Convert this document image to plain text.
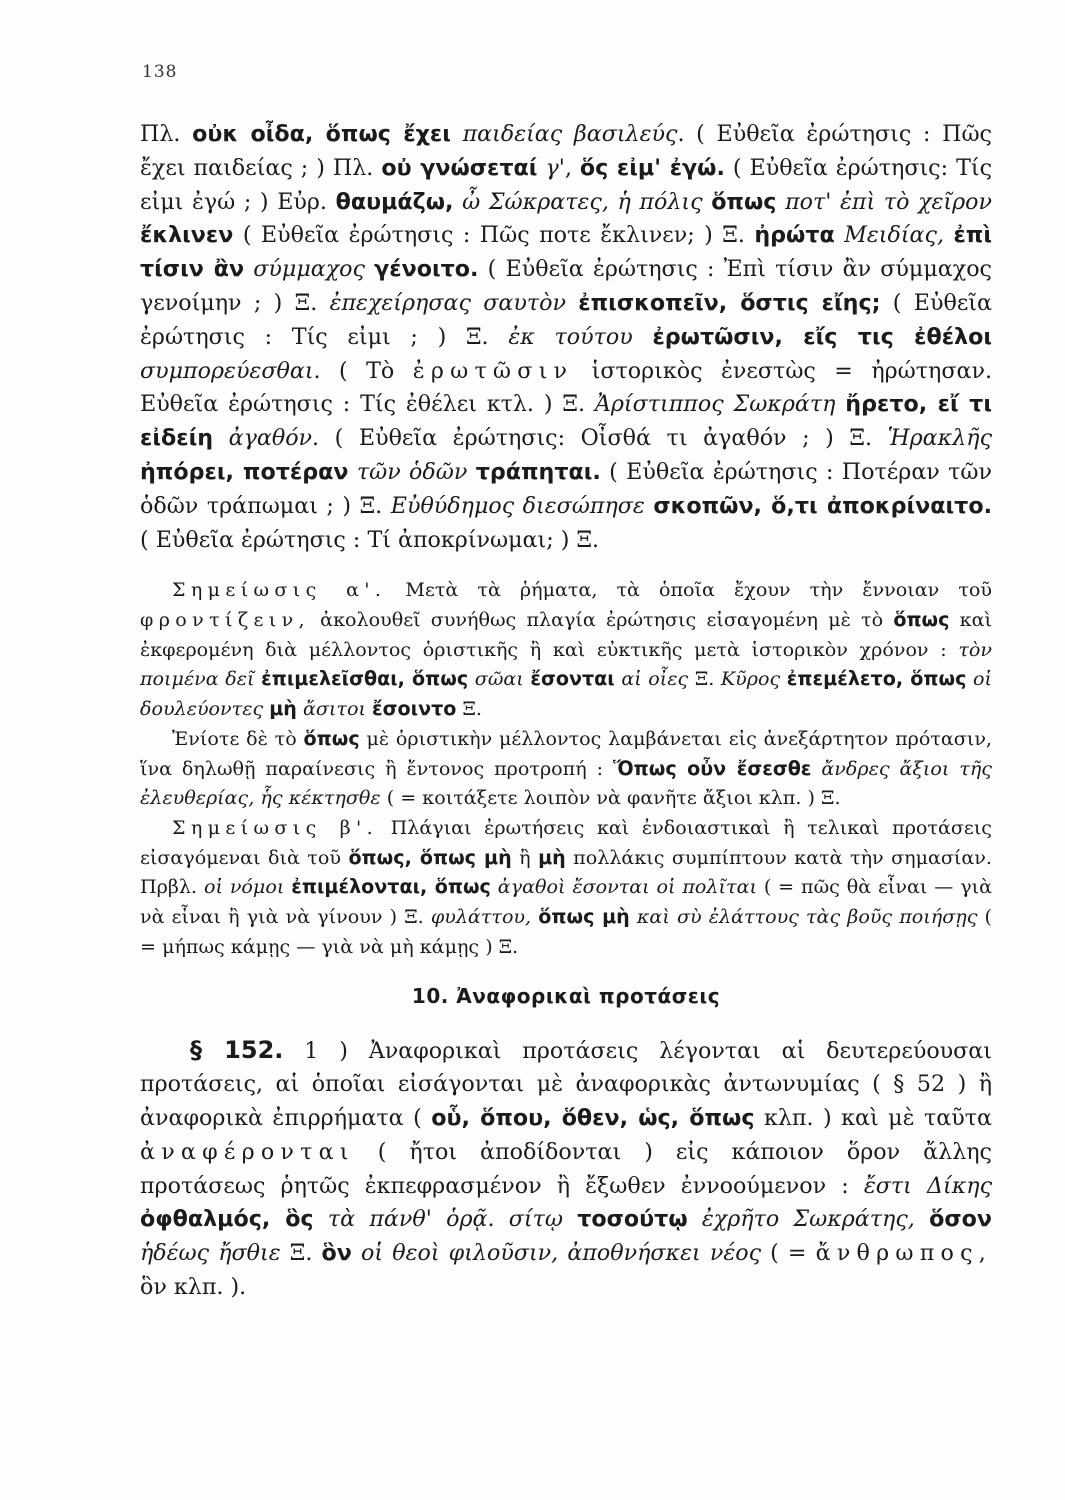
138

Πλ. οὐκ οἶδα, ὅπως ἔχει παιδείας βασιλεύς. ( Εὐθεῖα ἐρώτησις : Πῶς ἔχει παιδείας ; ) Πλ. οὐ γνώσεταί γ', ὅς εἰμ' ἐγώ. ( Εὐθεῖα ἐρώτησις: Τίς εἰμι ἐγώ ; ) Εὐρ. θαυμάζω, ὦ Σώκρατες, ἡ πόλις ὅπως ποτ' ἐπὶ τὸ χεῖρον ἔκλινεν ( Εὐθεῖα ἐρώτησις : Πῶς ποτε ἔκλινεν; ) Ξ. ἠρώτα Μειδίας, ἐπὶ τίσιν ἂν σύμμαχος γένοιτο. ( Εὐθεῖα ἐρώτησις : Ἐπὶ τίσιν ἂν σύμμαχος γενοίμην ; ) Ξ. ἐπεχείρησας σαυτὸν ἐπισκοπεῖν, ὅστις εἴης; ( Εὐθεῖα ἐρώτησις : Τίς εἰμι ; ) Ξ. ἐκ τούτου ἐρωτῶσιν, εἴς τις ἐθέλοι συμπορεύεσθαι. ( Τὸ ἐρωτῶσιν ἱστορικὸς ἐνεστὼς = ἠρώτησαν. Εὐθεῖα ἐρώτησις : Τίς ἐθέλει κτλ. ) Ξ. Ἀρίστιππος Σωκράτη ἤρετο, εἴ τι εἰδείη ἀγαθόν. ( Εὐθεῖα ἐρώτησις: Οἶσθά τι ἀγαθόν ; ) Ξ. Ἡρακλῆς ἠπόρει, ποτέραν τῶν ὁδῶν τράπηται. ( Εὐθεῖα ἐρώτησις : Ποτέραν τῶν ὁδῶν τράπωμαι ; ) Ξ. Εὐθύδημος διεσώπησε σκοπῶν, ὅ,τι ἀποκρίναιτο. ( Εὐθεῖα ἐρώτησις : Τί ἀποκρίνωμαι; ) Ξ.

Σημείωσις α'. Μετὰ τὰ ῥήματα, τὰ ὁποῖα ἔχουν τὴν ἔννοιαν τοῦ φροντίζειν, ἀκολουθεῖ συνήθως πλαγία ἐρώτησις εἰσαγομένη μὲ τὸ ὅπως καὶ ἐκφερομένη διὰ μέλλοντος ὁριστικῆς ἢ καὶ εὐκτικῆς μετὰ ἱστορικὸν χρόνον : τὸν ποιμένα δεῖ ἐπιμελεῖσθαι, ὅπως σῶαι ἔσονται αἱ οἶες Ξ. Κῦρος ἐπεμέλετο, ὅπως οἱ δουλεύοντες μὴ ἄσιτοι ἔσοιντο Ξ.

Ἐνίοτε δὲ τὸ ὅπως μὲ ὁριστικὴν μέλλοντος λαμβάνεται εἰς ἀνεξάρτητον πρότασιν, ἵνα δηλωθῇ παραίνεσις ἢ ἔντονος προτροπή : Ὅπως οὖν ἔσεσθε ἄνδρες ἄξιοι τῆς ἐλευθερίας, ἧς κέκτησθε ( = κοιτάξετε λοιπὸν νὰ φανῆτε ἄξιοι κλπ. ) Ξ.

Σημείωσις β'. Πλάγιαι ἐρωτήσεις καὶ ἐνδοιαστικαὶ ἢ τελικαὶ προτάσεις εἰσαγόμεναι διὰ τοῦ ὅπως, ὅπως μὴ ἢ μὴ πολλάκις συμπίπτουν κατὰ τὴν σημασίαν. Πρβλ. οἱ νόμοι ἐπιμέλονται, ὅπως ἀγαθοὶ ἔσονται οἱ πολῖται ( = πῶς θὰ εἶναι — γιὰ νὰ εἶναι ἢ γιὰ νὰ γίνουν ) Ξ. φυλάττου, ὅπως μὴ καὶ σὺ ἐλάττους τὰς βοῦς ποιήσῃς ( = μήπως κάμῃς — γιὰ νὰ μὴ κάμῃς ) Ξ.

10. Ἀναφορικαὶ προτάσεις

§ 152. 1 ) Ἀναφορικαὶ προτάσεις λέγονται αἱ δευτερεύουσαι προτάσεις, αἱ ὁποῖαι εἰσάγονται μὲ ἀναφορικὰς ἀντωνυμίας ( § 52 ) ἢ ἀναφορικὰ ἐπιρρήματα ( οὗ, ὅπου, ὅθεν, ὡς, ὅπως κλπ. ) καὶ μὲ ταῦτα ἀναφέρονται ( ἤτοι ἀποδίδονται ) εἰς κάποιον ὅρον ἄλλης προτάσεως ῥητῶς ἐκπεφρασμένον ἢ ἔξωθεν ἐννοούμενον : ἔστι Δίκης ὀφθαλμός, ὃς τὰ πάνθ' ὁρᾷ. σίτῳ τοσούτῳ ἐχρῆτο Σωκράτης, ὅσον ἡδέως ἤσθιε Ξ. ὃν οἱ θεοὶ φιλοῦσιν, ἀποθνήσκει νέος ( = ἄνθρωπος, ὃν κλπ. ).
